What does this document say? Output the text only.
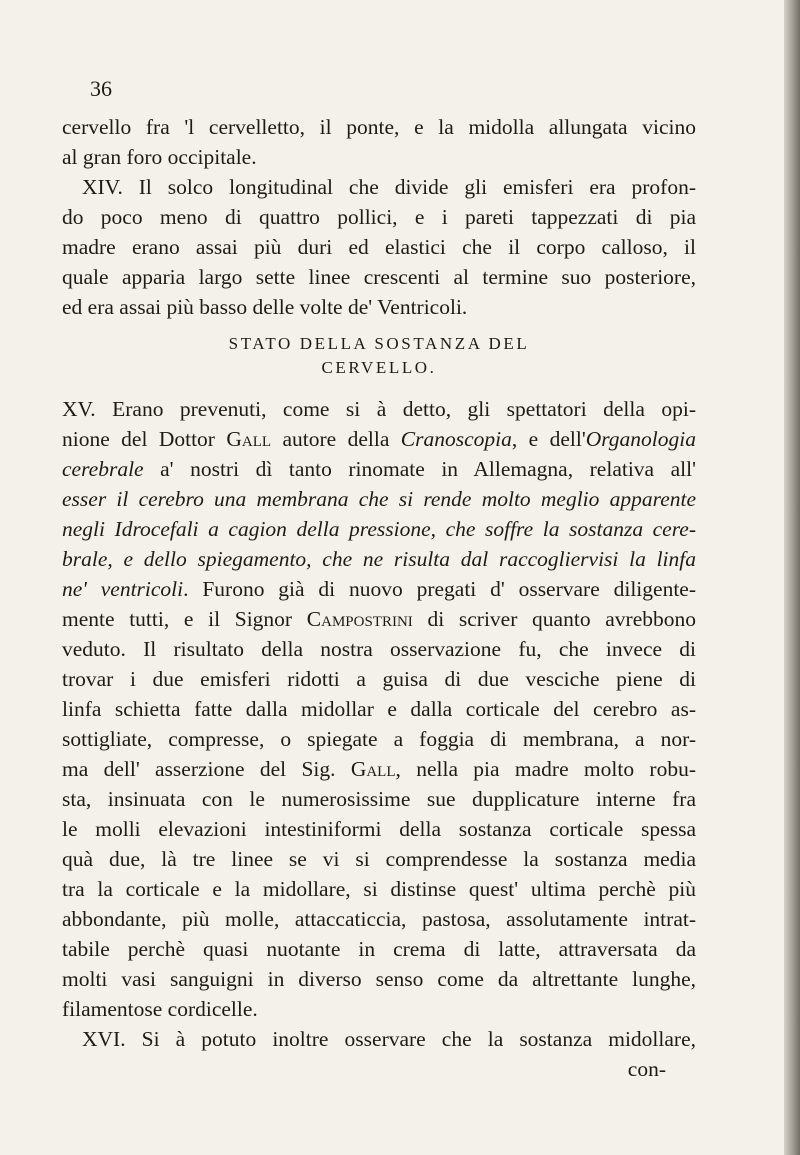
36
cervello fra 'l cervelletto, il ponte, e la midolla allungata vicino
al gran foro occipitale.
XIV. Il solco longitudinal che divide gli emisferi era profon-
do poco meno di quattro pollici, e i pareti tappezzati di pia
madre erano assai più duri ed elastici che il corpo calloso, il
quale apparia largo sette linee crescenti al termine suo posteriore,
ed era assai più basso delle volte de' Ventricoli.
STATO DELLA SOSTANZA DEL
CERVELLO.
XV. Erano prevenuti, come si à detto, gli spettatori della opi-
nione del Dottor Gall autore della Cranoscopia, e dell'Organologia
cerebrale a' nostri dì tanto rinomate in Allemagna, relativa all'
esser il cerebro una membrana che si rende molto meglio apparente
negli Idrocefali a cagion della pressione, che soffre la sostanza cere-
brale, e dello spiegamento, che ne risulta dal raccogliervisi la linfa
ne' ventricoli. Furono già di nuovo pregati d' osservare diligente-
mente tutti, e il Signor Campostrini di scriver quanto avrebbono
veduto. Il risultato della nostra osservazione fu, che invece di
trovar i due emisferi ridotti a guisa di due vesciche piene di
linfa schietta fatte dalla midollar e dalla corticale del cerebro as-
sottigliate, compresse, o spiegate a foggia di membrana, a nor-
ma dell' asserzione del Sig. Gall, nella pia madre molto robu-
sta, insinuata con le numerosissime sue dupplicature interne fra
le molli elevazioni intestiniformi della sostanza corticale spessa
quà due, là tre linee se vi si comprendesse la sostanza media
tra la corticale e la midollare, si distinse quest' ultima perchè più
abbondante, più molle, attaccaticcia, pastosa, assolutamente intrat-
tabile perchè quasi nuotante in crema di latte, attraversata da
molti vasi sanguigni in diverso senso come da altrettante lunghe,
filamentose cordicelle.
XVI. Si à potuto inoltre osservare che la sostanza midollare,
con-
